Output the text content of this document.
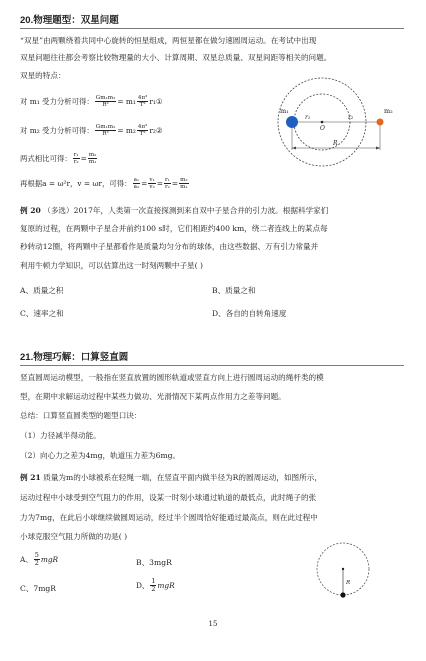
20.物理题型：双星问题
“双星”由两颗绕着共同中心旋转的恒星组成，两恒星都在做匀速圆周运动。在考试中出现
双星问题往往都会考察比较物理量的大小、计算周期、双星总质量、双星间距等相关的问题。
双星的特点：
对 m₁ 受力分析可得： $\frac{\text{Gm₁m₂}}{\text{R²}} = m_1 \frac{\text{4π²}}{\text{T²}}$ r₁①
对 m₂ 受力分析可得： $\frac{\text{Gm₁m₂}}{\text{R²}} = m_2 \frac{\text{4π²}}{\text{T²}}$ r₂②
两式相比可得： $\frac{\text{r₁}}{\text{r₂}} = \frac{\text{m₂}}{\text{m₁}}$
再根据a = ω²r，v = ωr，可得： $\frac{\text{a₁}}{\text{a₂}} = \frac{\text{v₁}}{\text{v₂}} = \frac{\text{r₁}}{\text{r₂}} = \frac{\text{m₂}}{\text{m₁}}$
m₁	m₂
r₁
O
r₂
R
例 20 （多选）2017年，人类第一次直接探测到来自双中子星合并的引力波。根据科学家们
复原的过程，在两颗中子星合并前约100 s时，它们相距约400 km，绕二者连线上的某点每
秒转动12圈，将两颗中子星都看作是质量均匀分布的球体，由这些数据、万有引力常量并
利用牛顿力学知识，可以估算出这一时刻两颗中子星( )
A、质量之积	B、质量之和
C、速率之和	D、各自的自转角速度
21.物理巧解：口算竖直圆
竖直圆周运动模型，一般指在竖直放置的圆形轨道或竖直方向上进行圆周运动的绳杆类的模
型，在期中求解运动过程中某些力做功、光滑情况下某两点作用力之差等问题。
总结：口算竖直圆类型的题型口诀：
（1）力径减半得动能。
（2）向心力之差为4mg，轨道压力差为6mg。
例 21 质量为m的小球被系在轻绳一端，在竖直平面内做半径为R的圆周运动，如图所示，
运动过程中小球受到空气阻力的作用，设某一时刻小球通过轨道的最低点，此时绳子的张
力为7mg，在此后小球继续做圆周运动，经过半个圆周恰好能通过最高点，则在此过程中
小球克服空气阻力所做的功是( )
A、 $\frac{5}{2}$ mgR	B、3mgR
C、7mgR	D、 $\frac{1}{2}$ mgR	R
15
